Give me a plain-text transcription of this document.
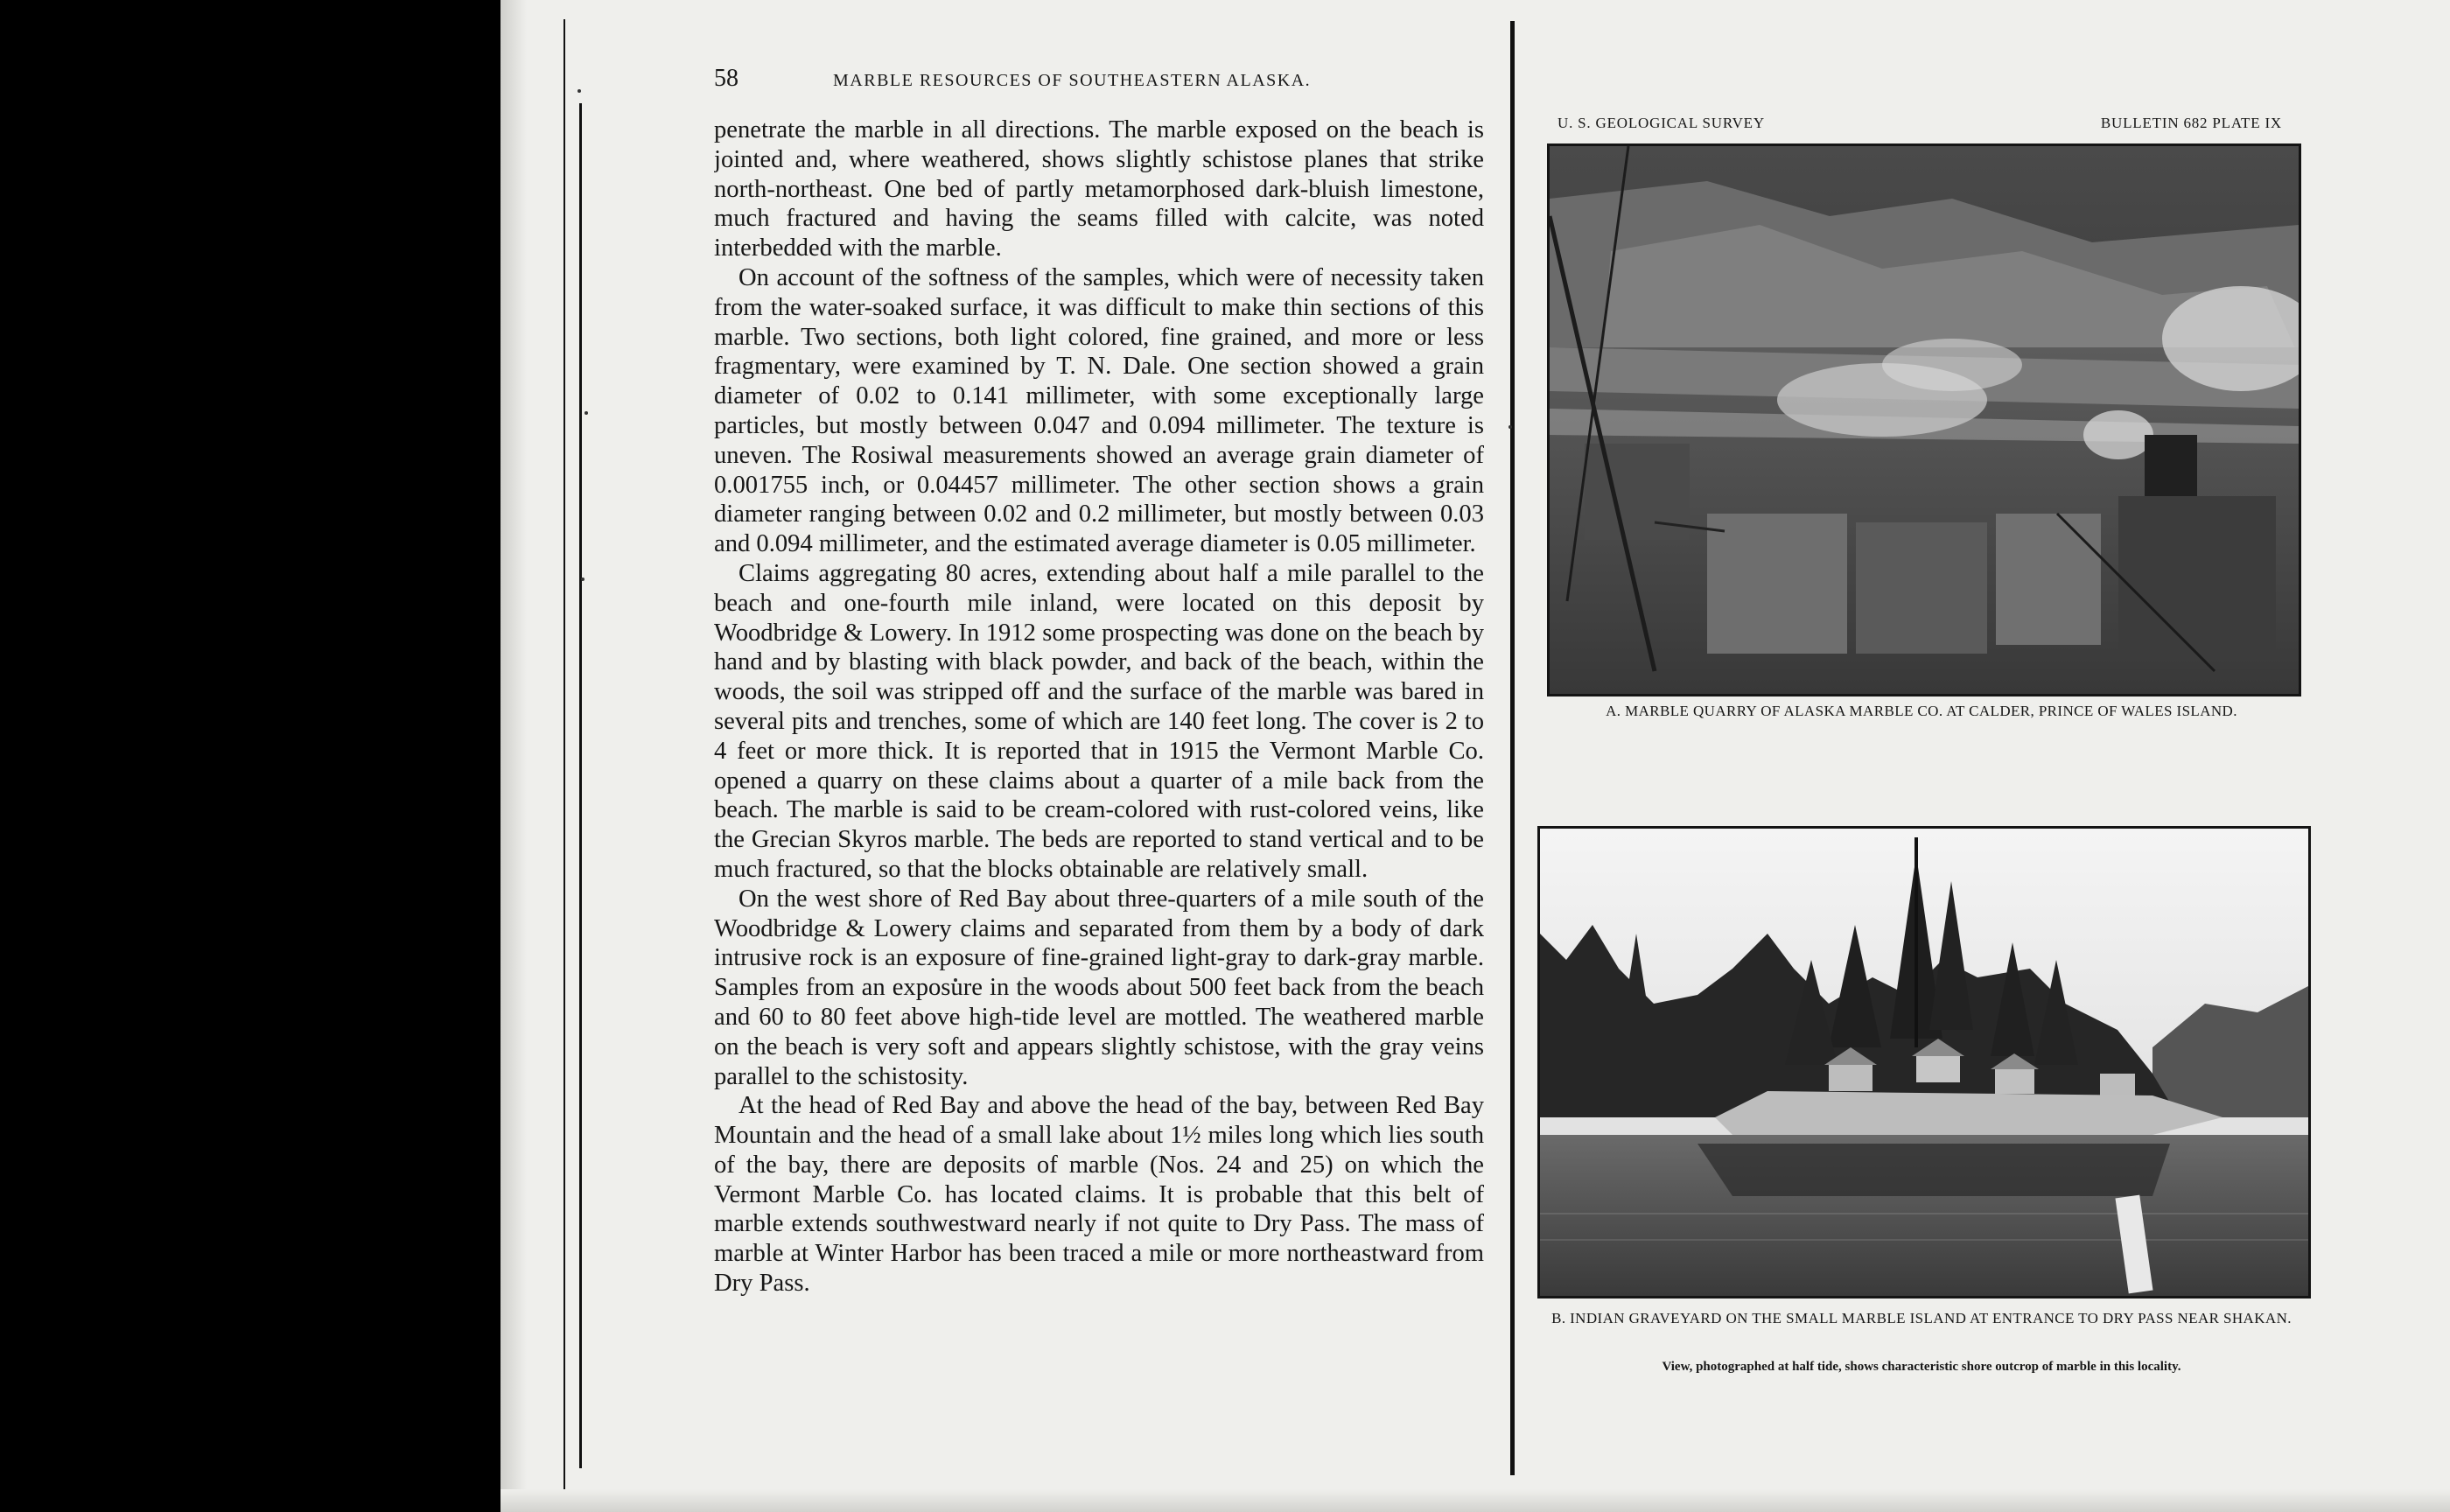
58	MARBLE RESOURCES OF SOUTHEASTERN ALASKA.

penetrate the marble in all directions. The marble exposed on the beach is jointed and, where weathered, shows slightly schistose planes that strike north-northeast. One bed of partly metamorphosed dark-bluish limestone, much fractured and having the seams filled with calcite, was noted interbedded with the marble.

On account of the softness of the samples, which were of necessity taken from the water-soaked surface, it was difficult to make thin sections of this marble. Two sections, both light colored, fine grained, and more or less fragmentary, were examined by T. N. Dale. One section showed a grain diameter of 0.02 to 0.141 millimeter, with some exceptionally large particles, but mostly between 0.047 and 0.094 millimeter. The texture is uneven. The Rosiwal measurements showed an average grain diameter of 0.001755 inch, or 0.04457 millimeter. The other section shows a grain diameter ranging between 0.02 and 0.2 millimeter, but mostly between 0.03 and 0.094 millimeter, and the estimated average diameter is 0.05 millimeter.

Claims aggregating 80 acres, extending about half a mile parallel to the beach and one-fourth mile inland, were located on this deposit by Woodbridge & Lowery. In 1912 some prospecting was done on the beach by hand and by blasting with black powder, and back of the beach, within the woods, the soil was stripped off and the surface of the marble was bared in several pits and trenches, some of which are 140 feet long. The cover is 2 to 4 feet or more thick. It is reported that in 1915 the Vermont Marble Co. opened a quarry on these claims about a quarter of a mile back from the beach. The marble is said to be cream-colored with rust-colored veins, like the Grecian Skyros marble. The beds are reported to stand vertical and to be much fractured, so that the blocks obtainable are relatively small.

On the west shore of Red Bay about three-quarters of a mile south of the Woodbridge & Lowery claims and separated from them by a body of dark intrusive rock is an exposure of fine-grained light-gray to dark-gray marble. Samples from an exposure in the woods about 500 feet back from the beach and 60 to 80 feet above high-tide level are mottled. The weathered marble on the beach is very soft and appears slightly schistose, with the gray veins parallel to the schistosity.

At the head of Red Bay and above the head of the bay, between Red Bay Mountain and the head of a small lake about 1½ miles long which lies south of the bay, there are deposits of marble (Nos. 24 and 25) on which the Vermont Marble Co. has located claims. It is probable that this belt of marble extends southwestward nearly if not quite to Dry Pass. The mass of marble at Winter Harbor has been traced a mile or more northeastward from Dry Pass.

U. S. GEOLOGICAL SURVEY	BULLETIN 682 PLATE IX
A. MARBLE QUARRY OF ALASKA MARBLE CO. AT CALDER, PRINCE OF WALES ISLAND.
B. INDIAN GRAVEYARD ON THE SMALL MARBLE ISLAND AT ENTRANCE TO DRY PASS NEAR SHAKAN.
View, photographed at half tide, shows characteristic shore outcrop of marble in this locality.
